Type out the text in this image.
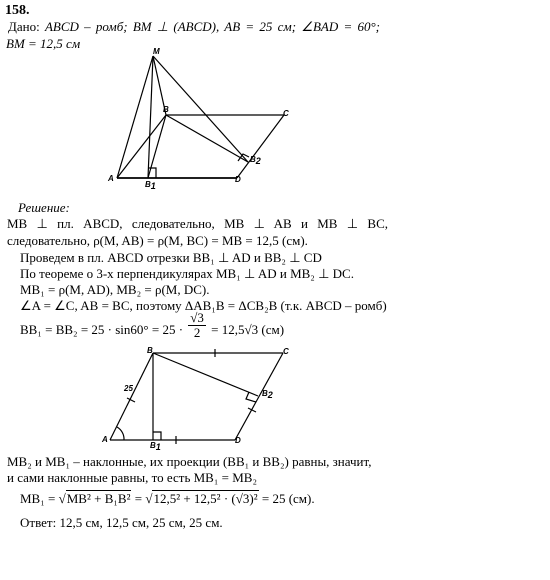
158.
Дано: ABCD – ромб; BM ⊥ (ABCD), AB = 25 см; ∠BAD = 60°;
BM = 12,5 см
M
B	C
$B_2$
A
$B_1$
D
Решение:
MB ⊥ пл. ABCD, следовательно, MB ⊥ AB и MB ⊥ BC,
следовательно, ρ(M, AB) = ρ(M, BC) = MB = 12,5 (см).
Проведем в пл. ABCD отрезки BB₁ ⊥ AD и BB₂ ⊥ CD
По теореме о 3-х перпендикулярах MB₁ ⊥ AD и MB₂ ⊥ DC.
MB₁ = ρ(M, AD), MB₂ = ρ(M, DC).
∠A = ∠C, AB = BC, поэтому ΔAB₁B = ΔCB₂B (т.к. ABCD – ромб)
$BB_1 = BB_2 = 25 \cdot \sin 60^\circ = 25 \cdot \frac{√3}{2} = 12,5√3$ (см)
B	C
25
$B_2$
A
$B_1$
D
MB₂ и MB₁ – наклонные, их проекции (BB₁ и BB₂) равны, значит,
и сами наклонные равны, то есть MB₁ = MB₂
MB₁ = √MB² + B₁B² = √12,5² + 12,5² · (√3)² = 25 (см).
Ответ: 12,5 см, 12,5 см, 25 см, 25 см.
